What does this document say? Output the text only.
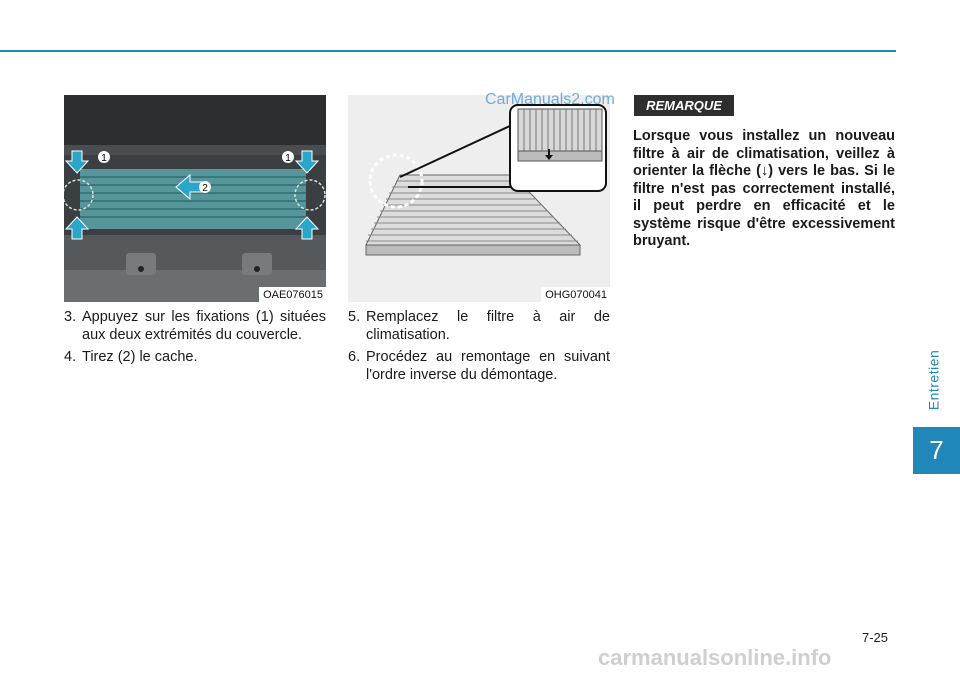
1	1
2
OAE076015	OHG070041
CarManuals2.com
3. Appuyez sur les fixations (1) situées aux deux extrémités du couvercle.
4. Tirez (2) le cache.
5. Remplacez le filtre à air de climatisation.
6. Procédez au remontage en suivant l'ordre inverse du démontage.
REMARQUE
Lorsque vous installez un nouveau filtre à air de climatisation, veillez à orienter la flèche (↓) vers le bas. Si le filtre n'est pas correctement installé, il peut perdre en efficacité et le système risque d'être excessivement bruyant.
Entretien
7
7-25
carmanualsonline.info
